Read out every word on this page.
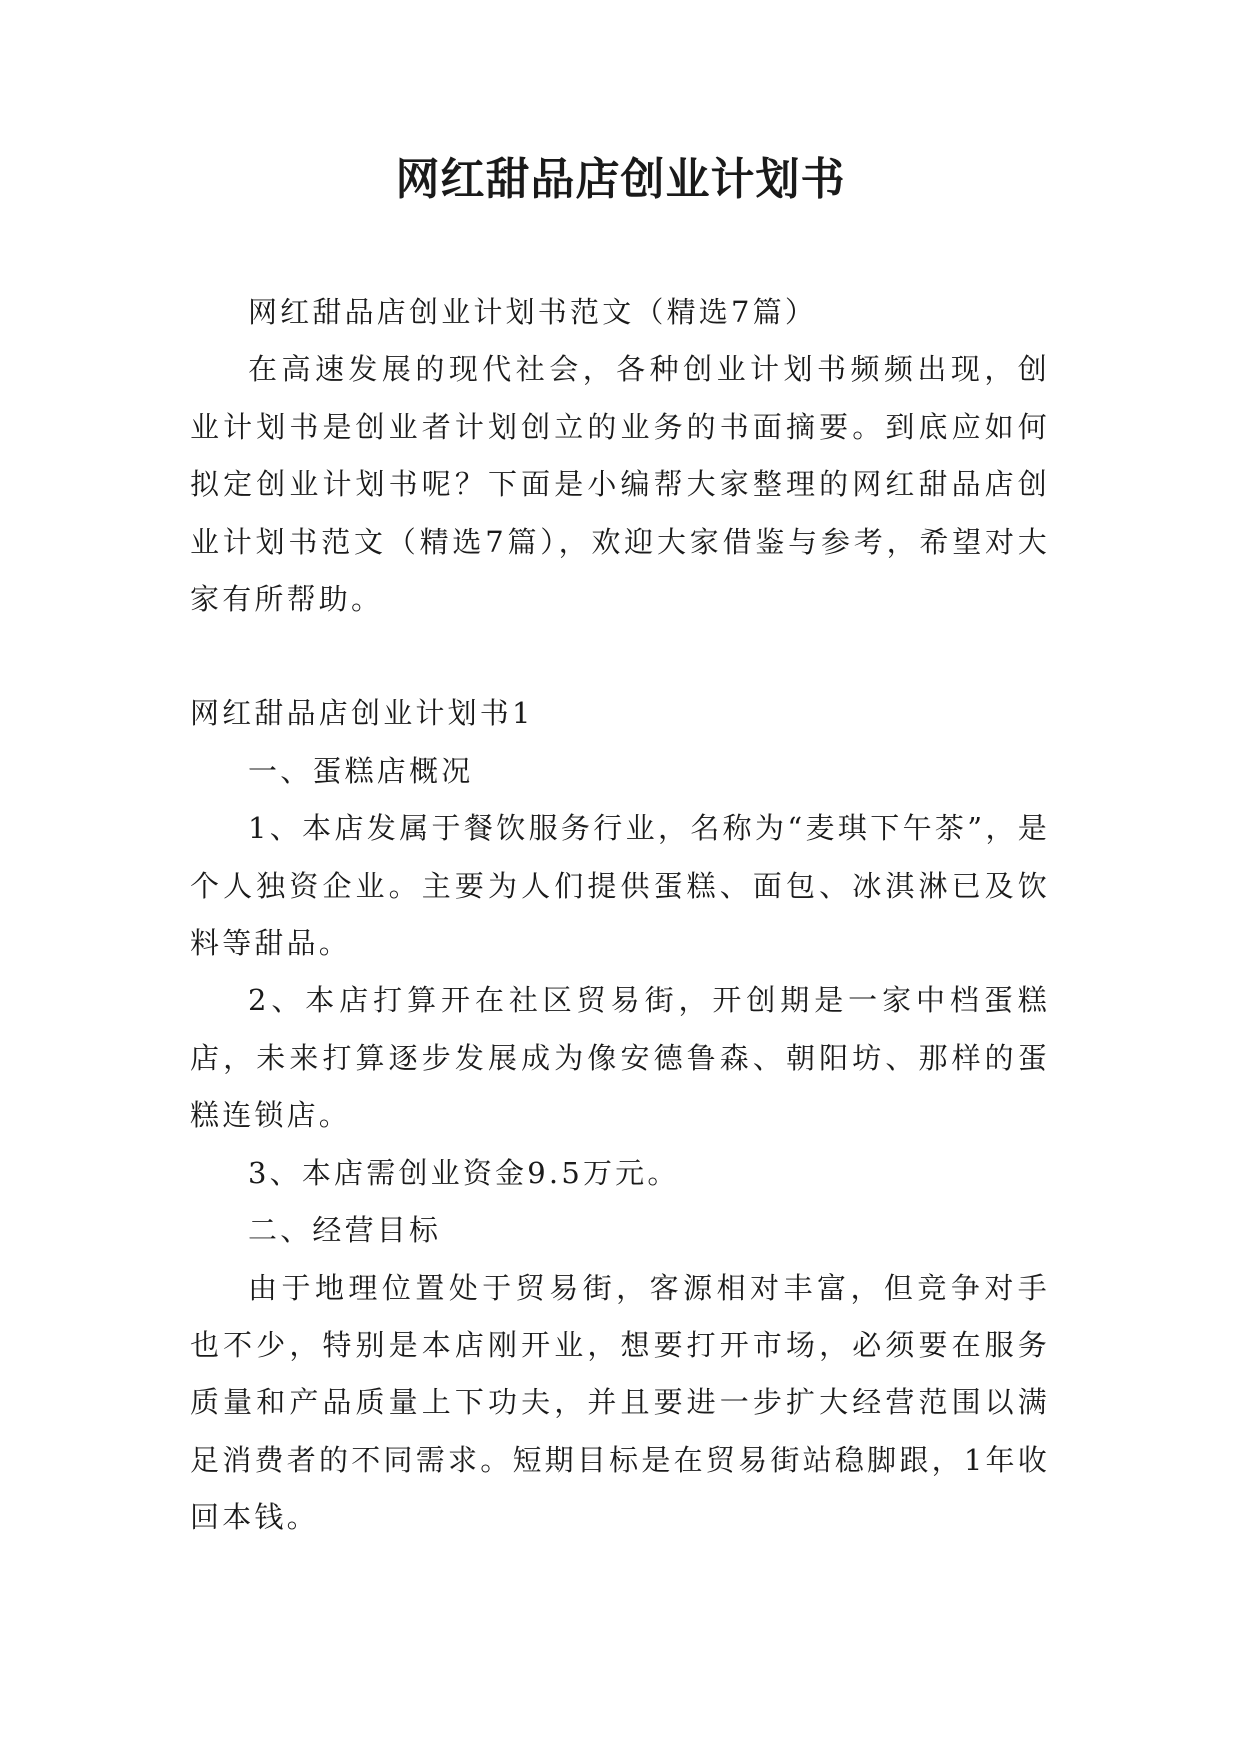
网红甜品店创业计划书

网红甜品店创业计划书范文（精选7篇）

在高速发展的现代社会，各种创业计划书频频出现，创业计划书是创业者计划创立的业务的书面摘要。到底应如何拟定创业计划书呢？下面是小编帮大家整理的网红甜品店创业计划书范文（精选7篇），欢迎大家借鉴与参考，希望对大家有所帮助。

网红甜品店创业计划书1

一、蛋糕店概况

1、本店发属于餐饮服务行业，名称为“麦琪下午茶”，是个人独资企业。主要为人们提供蛋糕、面包、冰淇淋已及饮料等甜品。

2、本店打算开在社区贸易街，开创期是一家中档蛋糕店，未来打算逐步发展成为像安德鲁森、朝阳坊、那样的蛋糕连锁店。

3、本店需创业资金9.5万元。

二、经营目标

由于地理位置处于贸易街，客源相对丰富，但竞争对手也不少，特别是本店刚开业，想要打开市场，必须要在服务质量和产品质量上下功夫，并且要进一步扩大经营范围以满足消费者的不同需求。短期目标是在贸易街站稳脚跟，1年收回本钱。
